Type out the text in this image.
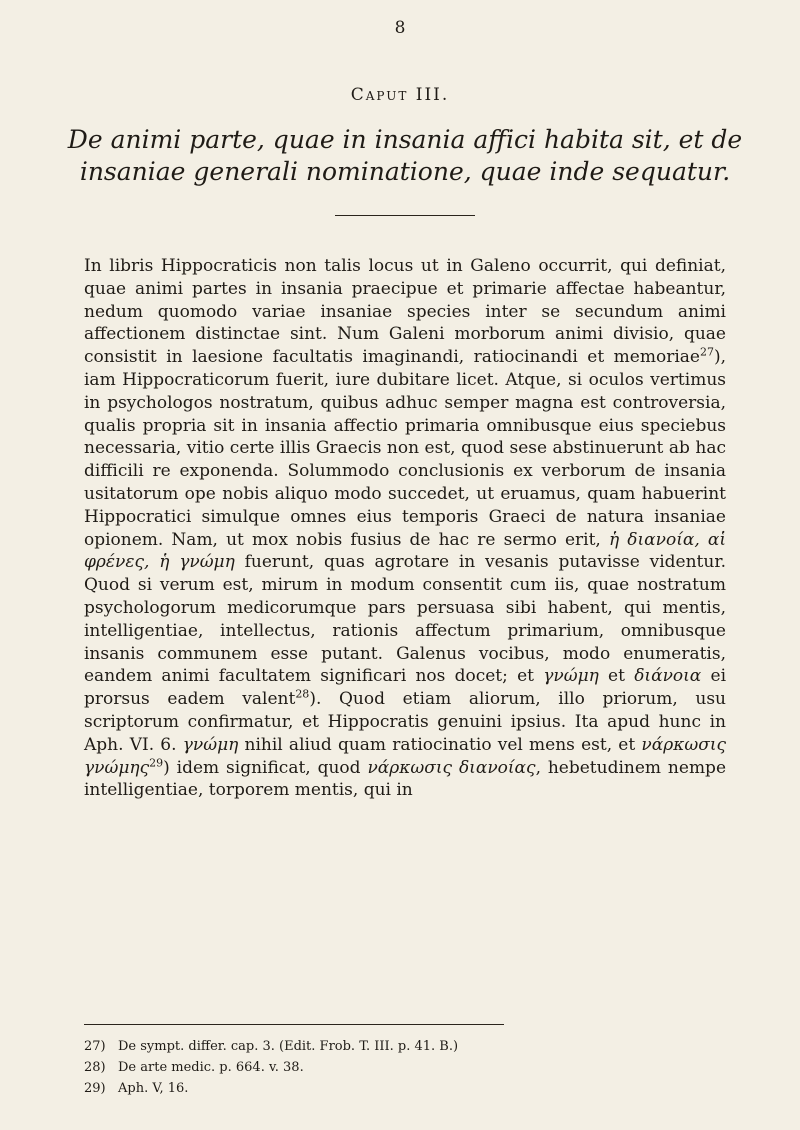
8
Caput III.
De animi parte, quae in insania affici habita sit, et de insaniae generali nominatione, quae inde sequatur.

In libris Hippocraticis non talis locus ut in Galeno occurrit, qui definiat, quae animi partes in insania praecipue et primarie affectae habeantur, nedum quomodo variae insaniae species inter se secundum animi affectionem distinctae sint. Num Galeni morborum animi divisio, quae consistit in laesione facultatis imaginandi, ratiocinandi et memoriae$^{27}$), iam Hippocraticorum fuerit, iure dubitare licet. Atque, si oculos vertimus in psychologos nostratum, quibus adhuc semper magna est controversia, qualis propria sit in insania affectio primaria omnibusque eius speciebus necessaria, vitio certe illis Graecis non est, quod sese abstinuerunt ab hac difficili re exponenda. Solummodo conclusionis ex verborum de insania usitatorum ope nobis aliquo modo succedet, ut eruamus, quam habuerint Hippocratici simulque omnes eius temporis Graeci de natura insaniae opionem. Nam, ut mox nobis fusius de hac re sermo erit, ἡ διανοία, αἱ φρένες, ἡ γνώμη fuerunt, quas agrotare in vesanis putavisse videntur. Quod si verum est, mirum in modum consentit cum iis, quae nostratum psychologorum medicorumque pars persuasa sibi habent, qui mentis, intelligentiae, intellectus, rationis affectum primarium, omnibusque insanis communem esse putant. Galenus vocibus, modo enumeratis, eandem animi facultatem significari nos docet; et γνώμη et διάνοια ei prorsus eadem valent$^{28}$). Quod etiam aliorum, illo priorum, usu scriptorum confirmatur, et Hippocratis genuini ipsius. Ita apud hunc in Aph. VI. 6. γνώμη nihil aliud quam ratiocinatio vel mens est, et νάρκωσις γνώμης$^{29}$) idem significat, quod νάρκωσις διανοίας, hebetudinem nempe intelligentiae, torporem mentis, qui in

27) De sympt. differ. cap. 3. (Edit. Frob. T. III. p. 41. B.)
28) De arte medic. p. 664. v. 38.
29) Aph. V, 16.
